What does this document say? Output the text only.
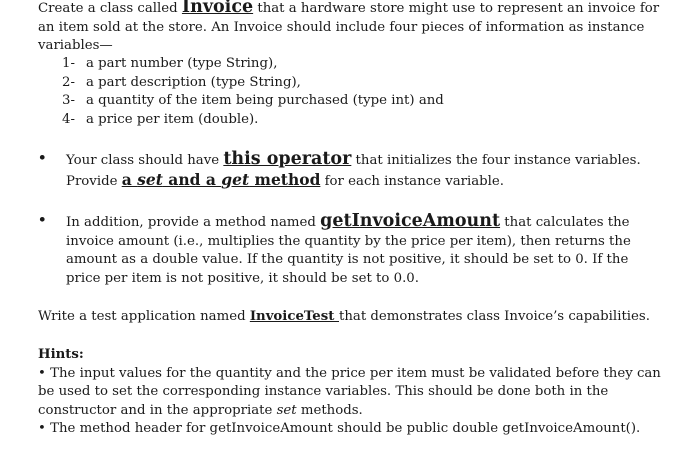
Create a class called Invoice that a hardware store might use to represent an invoice for an item sold at the store. An Invoice should include four pieces of information as instance variables—

1- a part number (type String),
2- a part description (type String),
3- a quantity of the item being purchased (type int) and
4- a price per item (double).
• Your class should have this operator that initializes the four instance variables. Provide a set and a get method for each instance variable.
• In addition, provide a method named getInvoiceAmount that calculates the invoice amount (i.e., multiplies the quantity by the price per item), then returns the amount as a double value. If the quantity is not positive, it should be set to 0. If the price per item is not positive, it should be set to 0.0.

Write a test application named InvoiceTest that demonstrates class Invoice’s capabilities.

Hints:
• The input values for the quantity and the price per item must be validated before they can be used to set the corresponding instance variables. This should be done both in the constructor and in the appropriate set methods.
• The method header for getInvoiceAmount should be public double getInvoiceAmount().
